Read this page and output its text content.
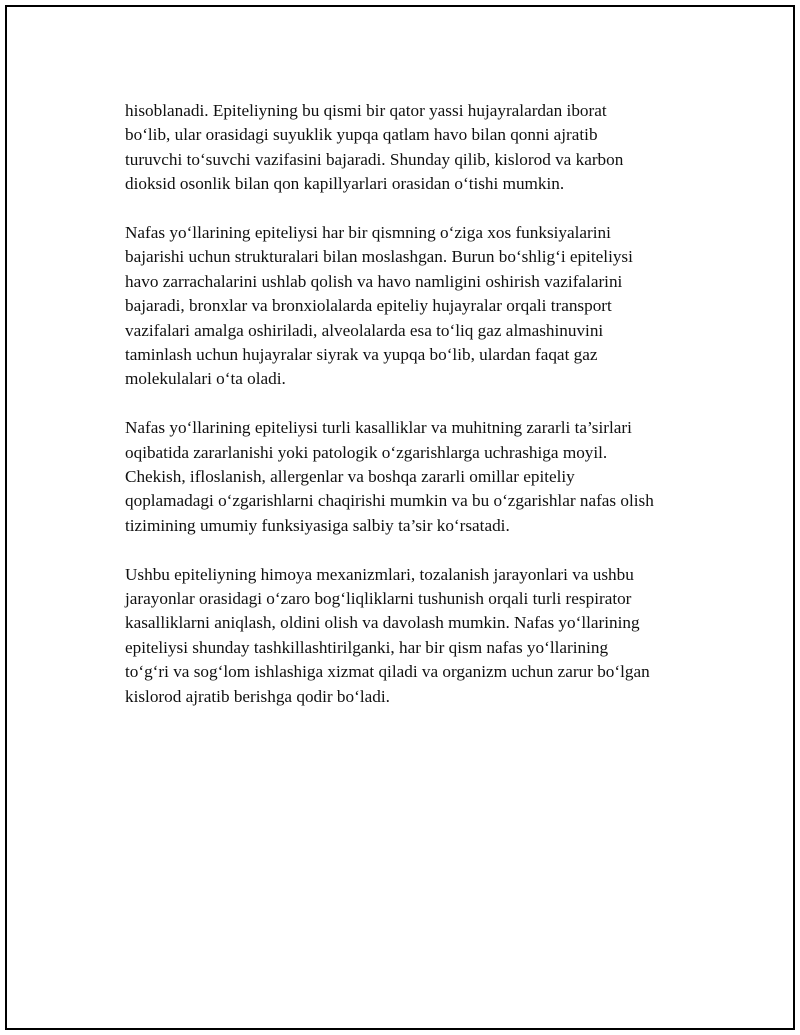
hisoblanadi. Epiteliyning bu qismi bir qator yassi hujayralardan iborat
bo‘lib, ular orasidagi suyuklik yupqa qatlam havo bilan qonni ajratib
turuvchi to‘suvchi vazifasini bajaradi. Shunday qilib, kislorod va karbon
dioksid osonlik bilan qon kapillyarlari orasidan o‘tishi mumkin.

Nafas yo‘llarining epiteliysi har bir qismning o‘ziga xos funksiyalarini
bajarishi uchun strukturalari bilan moslashgan. Burun bo‘shlig‘i epiteliysi
havo zarrachalarini ushlab qolish va havo namligini oshirish vazifalarini
bajaradi, bronxlar va bronxiolalarda epiteliy hujayralar orqali transport
vazifalari amalga oshiriladi, alveolalarda esa to‘liq gaz almashinuvini
taminlash uchun hujayralar siyrak va yupqa bo‘lib, ulardan faqat gaz
molekulalari o‘ta oladi.

Nafas yo‘llarining epiteliysi turli kasalliklar va muhitning zararli ta’sirlari
oqibatida zararlanishi yoki patologik o‘zgarishlarga uchrashiga moyil.
Chekish, ifloslanish, allergenlar va boshqa zararli omillar epiteliy
qoplamadagi o‘zgarishlarni chaqirishi mumkin va bu o‘zgarishlar nafas olish
tizimining umumiy funksiyasiga salbiy ta’sir ko‘rsatadi.

Ushbu epiteliyning himoya mexanizmlari, tozalanish jarayonlari va ushbu
jarayonlar orasidagi o‘zaro bog‘liqliklarni tushunish orqali turli respirator
kasalliklarni aniqlash, oldini olish va davolash mumkin. Nafas yo‘llarining
epiteliysi shunday tashkillashtirilganki, har bir qism nafas yo‘llarining
to‘g‘ri va sog‘lom ishlashiga xizmat qiladi va organizm uchun zarur bo‘lgan
kislorod ajratib berishga qodir bo‘ladi.
